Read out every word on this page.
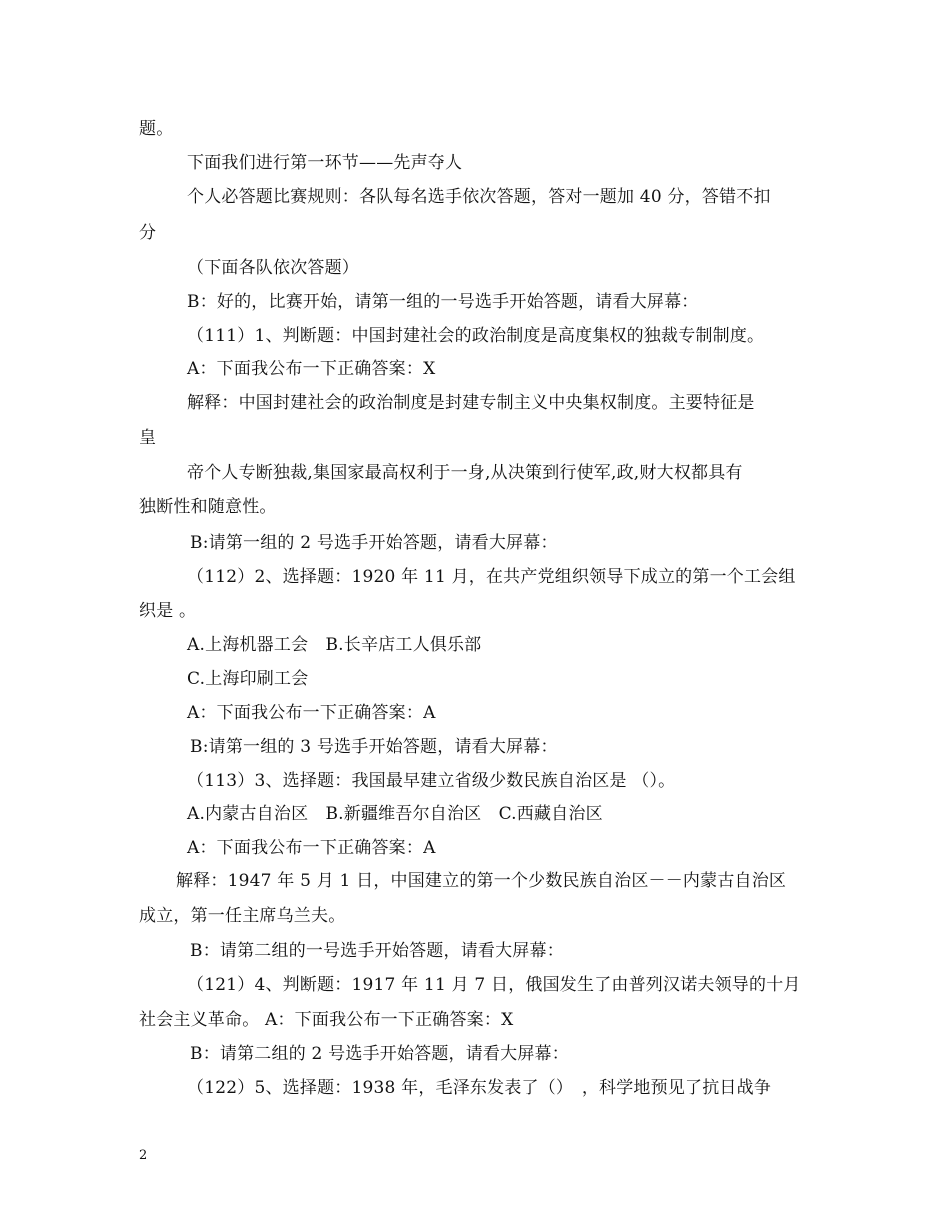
题。
下面我们进行第一环节——先声夺人
个人必答题比赛规则：各队每名选手依次答题，答对一题加 40 分，答错不扣
分
（下面各队依次答题）
B：好的，比赛开始，请第一组的一号选手开始答题，请看大屏幕：
（111）1、判断题：中国封建社会的政治制度是高度集权的独裁专制制度。
A：下面我公布一下正确答案：X
解释：中国封建社会的政治制度是封建专制主义中央集权制度。主要特征是
皇
帝个人专断独裁,集国家最高权利于一身,从决策到行使军,政,财大权都具有
独断性和随意性。
B:请第一组的 2 号选手开始答题，请看大屏幕：
（112）2、选择题：1920 年 11 月，在共产党组织领导下成立的第一个工会组
织是 。
A.上海机器工会　B.长辛店工人俱乐部
C.上海印刷工会
A：下面我公布一下正确答案：A
B:请第一组的 3 号选手开始答题，请看大屏幕：
（113）3、选择题：我国最早建立省级少数民族自治区是 （）。
A.内蒙古自治区　B.新疆维吾尔自治区　C.西藏自治区
A：下面我公布一下正确答案：A
解释：1947 年 5 月 1 日，中国建立的第一个少数民族自治区－－内蒙古自治区
成立，第一任主席乌兰夫。
B：请第二组的一号选手开始答题，请看大屏幕：
（121）4、判断题：1917 年 11 月 7 日，俄国发生了由普列汉诺夫领导的十月
社会主义革命。 A：下面我公布一下正确答案：X
B：请第二组的 2 号选手开始答题，请看大屏幕：
（122）5、选择题：1938 年，毛泽东发表了（）　，科学地预见了抗日战争
2
